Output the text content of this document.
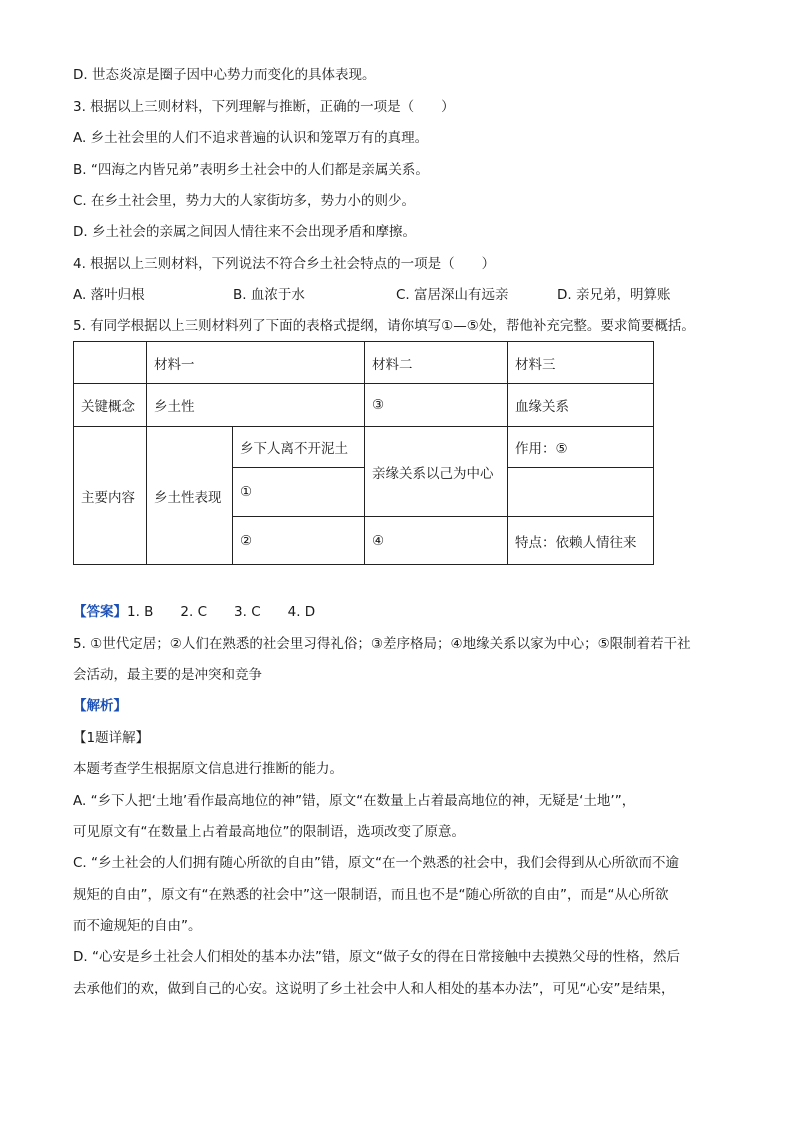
D. 世态炎凉是圈子因中心势力而变化的具体表现。
3. 根据以上三则材料，下列理解与推断，正确的一项是（　　）
A. 乡土社会里的人们不追求普遍的认识和笼罩万有的真理。
B. “四海之内皆兄弟”表明乡土社会中的人们都是亲属关系。
C. 在乡土社会里，势力大的人家街坊多，势力小的则少。
D. 乡土社会的亲属之间因人情往来不会出现矛盾和摩擦。
4. 根据以上三则材料，下列说法不符合乡土社会特点的一项是（　　）
A. 落叶归根	B. 血浓于水	C. 富居深山有远亲	D. 亲兄弟，明算账
5. 有同学根据以上三则材料列了下面的表格式提纲，请你填写①—⑤处，帮他补充完整。要求简要概括。
	材料一		材料二	材料三
关键概念	乡土性		③	血缘关系
主要内容	乡土性表现	乡下人离不开泥土	亲缘关系以己为中心	作用：⑤
		①		
		②	④	特点：依赖人情往来
【答案】1. B　　2. C　　3. C　　4. D
5. ①世代定居；②人们在熟悉的社会里习得礼俗；③差序格局；④地缘关系以家为中心；⑤限制着若干社
会活动，最主要的是冲突和竞争
【解析】
【1题详解】
本题考查学生根据原文信息进行推断的能力。
A. “乡下人把‘土地’看作最高地位的神”错，原文“在数量上占着最高地位的神，无疑是‘土地’”，
可见原文有“在数量上占着最高地位”的限制语，选项改变了原意。
C. “乡土社会的人们拥有随心所欲的自由”错，原文“在一个熟悉的社会中，我们会得到从心所欲而不逾
规矩的自由”，原文有“在熟悉的社会中”这一限制语，而且也不是“随心所欲的自由”，而是“从心所欲
而不逾规矩的自由”。
D. “心安是乡土社会人们相处的基本办法”错，原文“做子女的得在日常接触中去摸熟父母的性格，然后
去承他们的欢，做到自己的心安。这说明了乡土社会中人和人相处的基本办法”，可见“心安”是结果，
